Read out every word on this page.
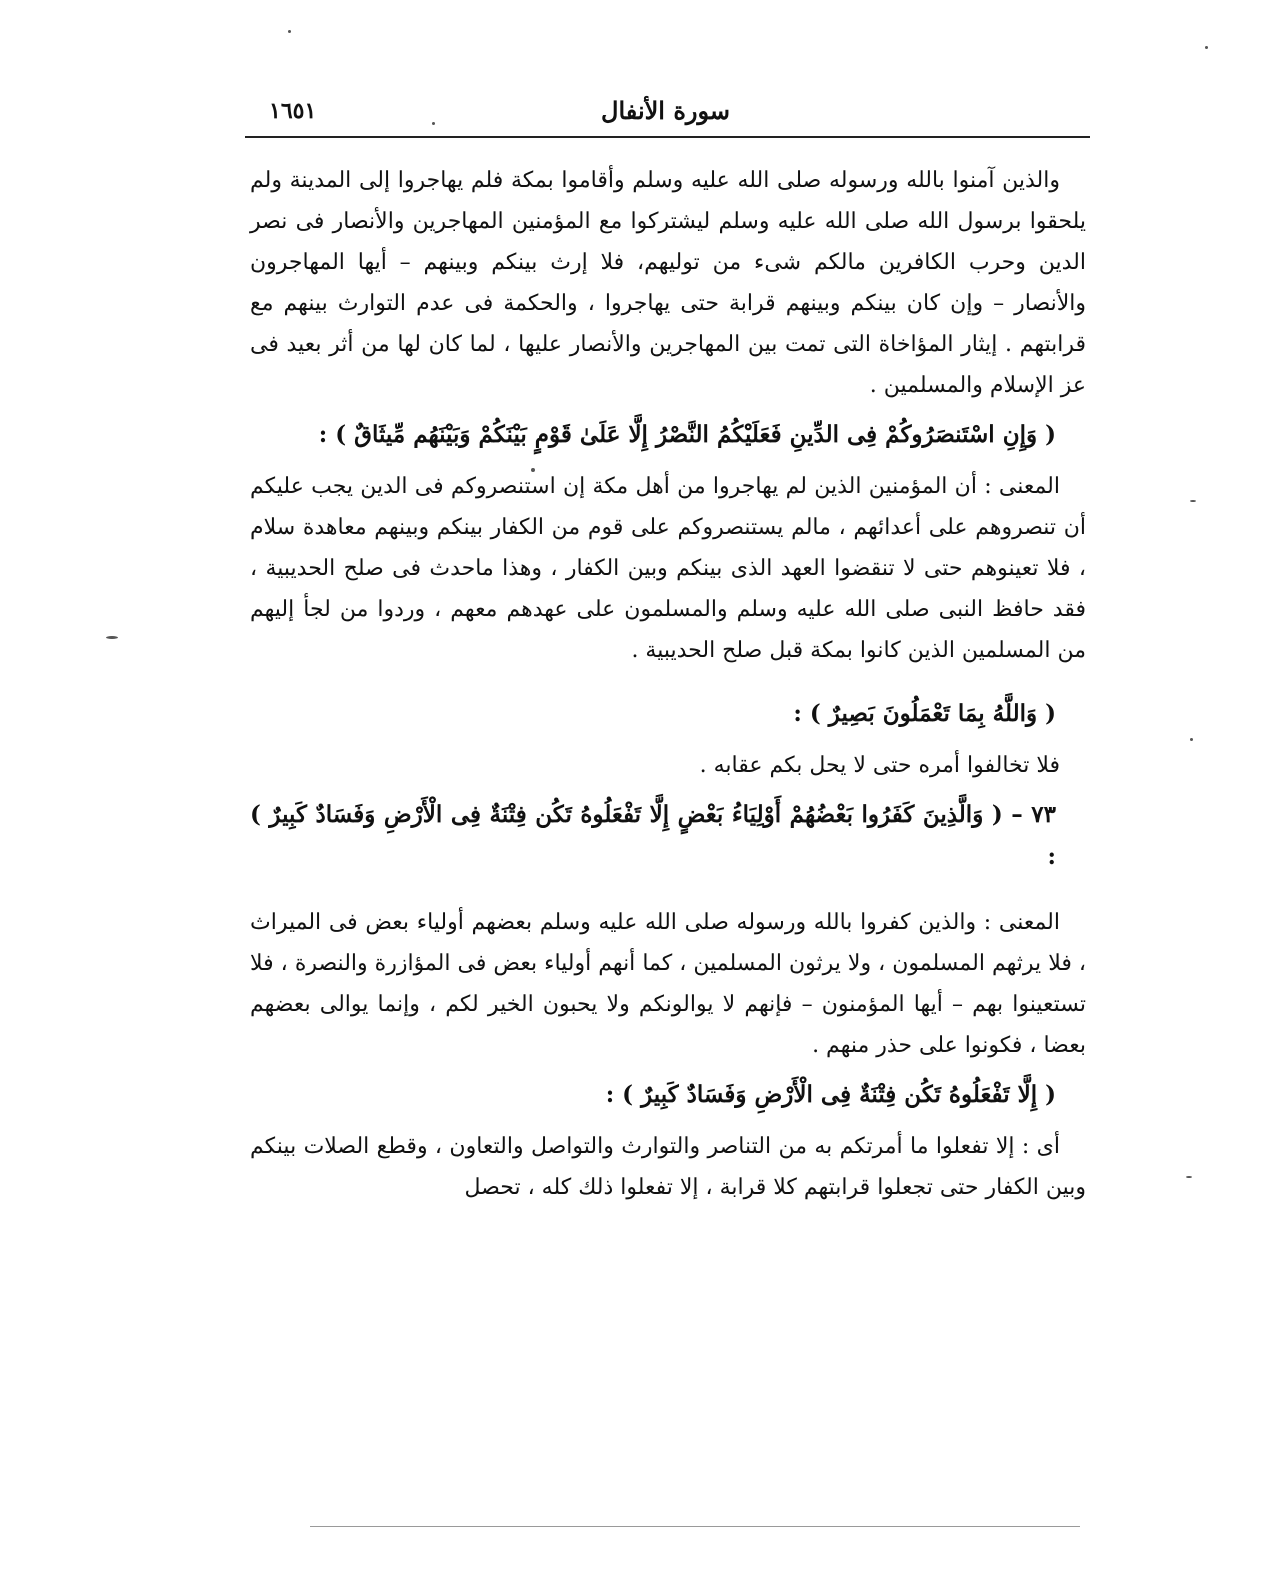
سورة الأنفال
١٦٥١

والذين آمنوا بالله ورسوله صلى الله عليه وسلم وأقاموا بمكة فلم يهاجروا إلى المدينة ولم يلحقوا برسول الله صلى الله عليه وسلم ليشتركوا مع المؤمنين المهاجرين والأنصار فى نصر الدين وحرب الكافرين مالكم شىء من توليهم، فلا إرث بينكم وبينهم – أيها المهاجرون والأنصار – وإن كان بينكم وبينهم قرابة حتى يهاجروا ، والحكمة فى عدم التوارث بينهم مع قرابتهم . إيثار المؤاخاة التى تمت بين المهاجرين والأنصار عليها ، لما كان لها من أثر بعيد فى عز الإسلام والمسلمين .

( وَإِنِ اسْتَنصَرُوكُمْ فِى الدِّينِ فَعَلَيْكُمُ النَّصْرُ إِلَّا عَلَىٰ قَوْمٍ بَيْنَكُمْ وَبَيْنَهُم مِّيثَاقٌ ) :

المعنى : أن المؤمنين الذين لم يهاجروا من أهل مكة إن استنصروكم فى الدين يجب عليكم أن تنصروهم على أعدائهم ، مالم يستنصروكم على قوم من الكفار بينكم وبينهم معاهدة سلام ، فلا تعينوهم حتى لا تنقضوا العهد الذى بينكم وبين الكفار ، وهذا ماحدث فى صلح الحديبية ، فقد حافظ النبى صلى الله عليه وسلم والمسلمون على عهدهم معهم ، وردوا من لجأ إليهم من المسلمين الذين كانوا بمكة قبل صلح الحديبية .

( وَاللَّهُ بِمَا تَعْمَلُونَ بَصِيرٌ ) :

فلا تخالفوا أمره حتى لا يحل بكم عقابه .

٧٣ – ( وَالَّذِينَ كَفَرُوا بَعْضُهُمْ أَوْلِيَاءُ بَعْضٍ إِلَّا تَفْعَلُوهُ تَكُن فِتْنَةٌ فِى الْأَرْضِ وَفَسَادٌ كَبِيرٌ ) :

المعنى : والذين كفروا بالله ورسوله صلى الله عليه وسلم بعضهم أولياء بعض فى الميراث ، فلا يرثهم المسلمون ، ولا يرثون المسلمين ، كما أنهم أولياء بعض فى المؤازرة والنصرة ، فلا تستعينوا بهم – أيها المؤمنون – فإنهم لا يوالونكم ولا يحبون الخير لكم ، وإنما يوالى بعضهم بعضا ، فكونوا على حذر منهم .

( إِلَّا تَفْعَلُوهُ تَكُن فِتْنَةٌ فِى الْأَرْضِ وَفَسَادٌ كَبِيرٌ ) :

أى : إلا تفعلوا ما أمرتكم به من التناصر والتوارث والتواصل والتعاون ، وقطع الصلات بينكم وبين الكفار حتى تجعلوا قرابتهم كلا قرابة ، إلا تفعلوا ذلك كله ، تحصل
